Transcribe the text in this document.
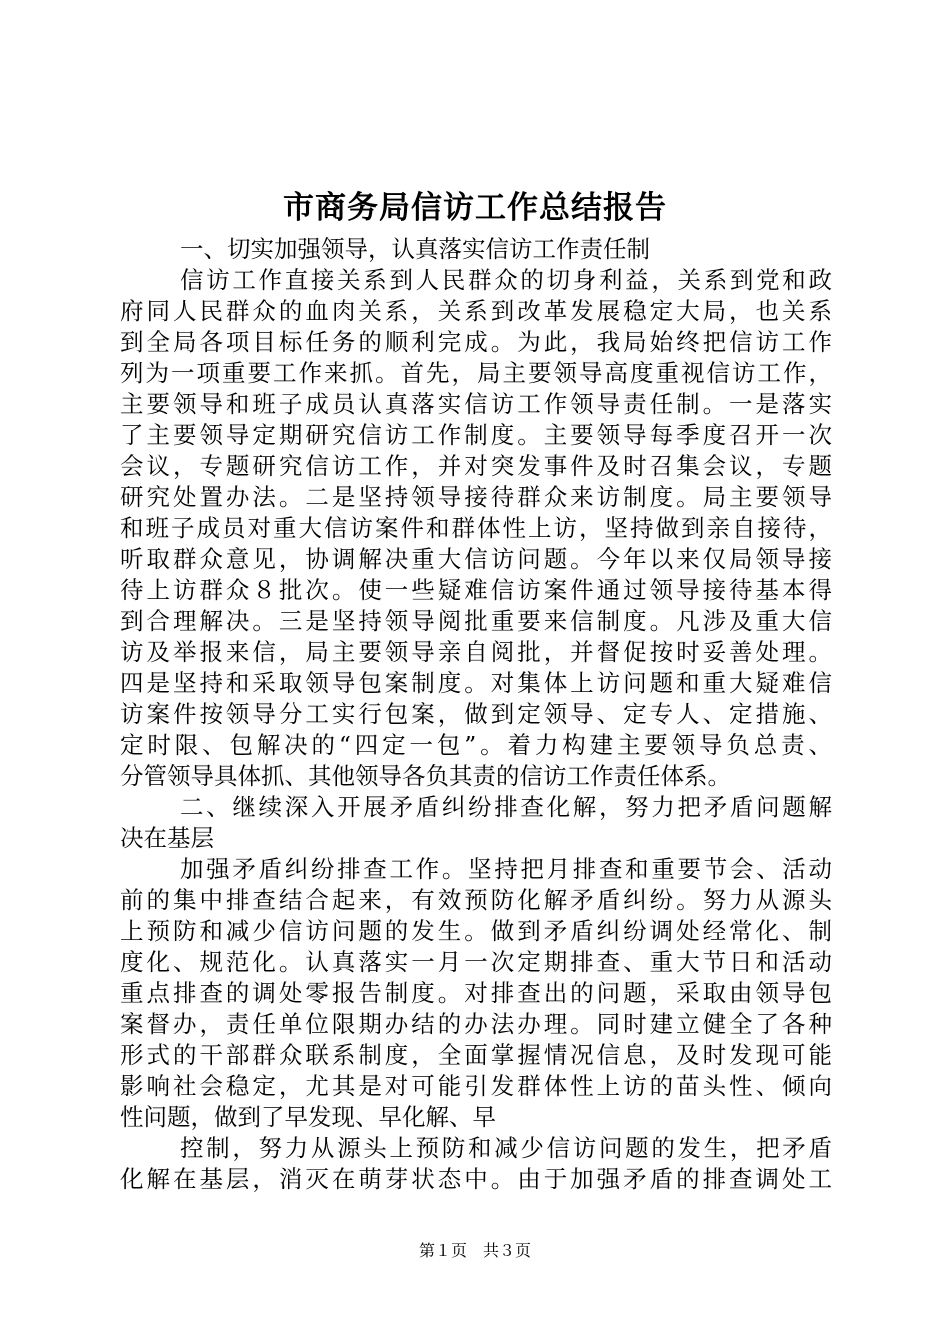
市商务局信访工作总结报告
一、切实加强领导，认真落实信访工作责任制
信访工作直接关系到人民群众的切身利益，关系到党和政
府同人民群众的血肉关系，关系到改革发展稳定大局，也关系
到全局各项目标任务的顺利完成。为此，我局始终把信访工作
列为一项重要工作来抓。首先，局主要领导高度重视信访工作，
主要领导和班子成员认真落实信访工作领导责任制。一是落实
了主要领导定期研究信访工作制度。主要领导每季度召开一次
会议，专题研究信访工作，并对突发事件及时召集会议，专题
研究处置办法。二是坚持领导接待群众来访制度。局主要领导
和班子成员对重大信访案件和群体性上访，坚持做到亲自接待，
听取群众意见，协调解决重大信访问题。今年以来仅局领导接
待上访群众８批次。使一些疑难信访案件通过领导接待基本得
到合理解决。三是坚持领导阅批重要来信制度。凡涉及重大信
访及举报来信，局主要领导亲自阅批，并督促按时妥善处理。
四是坚持和采取领导包案制度。对集体上访问题和重大疑难信
访案件按领导分工实行包案，做到定领导、定专人、定措施、
定时限、包解决的“四定一包”。着力构建主要领导负总责、
分管领导具体抓、其他领导各负其责的信访工作责任体系。
二、继续深入开展矛盾纠纷排查化解，努力把矛盾问题解
决在基层
加强矛盾纠纷排查工作。坚持把月排查和重要节会、活动
前的集中排查结合起来，有效预防化解矛盾纠纷。努力从源头
上预防和减少信访问题的发生。做到矛盾纠纷调处经常化、制
度化、规范化。认真落实一月一次定期排查、重大节日和活动
重点排查的调处零报告制度。对排查出的问题，采取由领导包
案督办，责任单位限期办结的办法办理。同时建立健全了各种
形式的干部群众联系制度，全面掌握情况信息，及时发现可能
影响社会稳定，尤其是对可能引发群体性上访的苗头性、倾向
性问题，做到了早发现、早化解、早
控制，努力从源头上预防和减少信访问题的发生，把矛盾
化解在基层，消灭在萌芽状态中。由于加强矛盾的排查调处工
第１页　共３页
